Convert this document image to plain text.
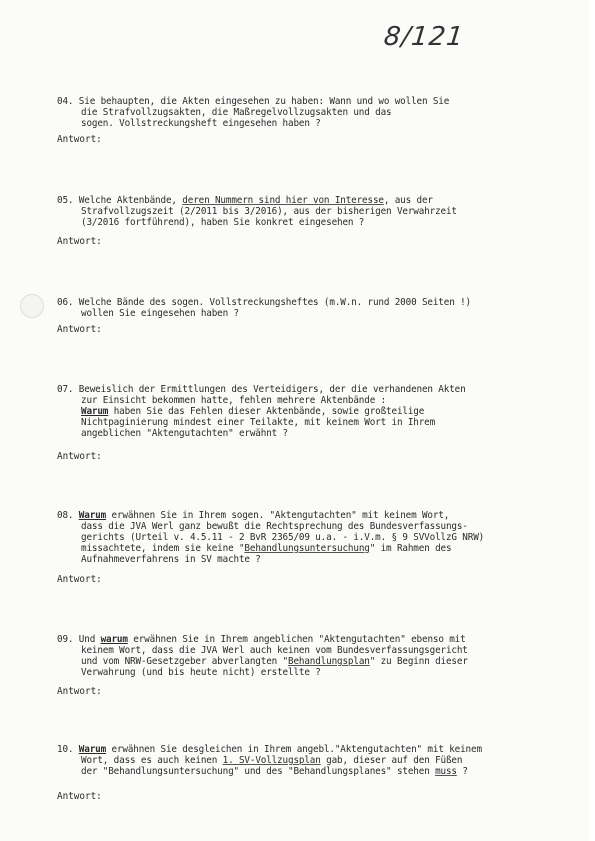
8/121
04. Sie behaupten, die Akten eingesehen zu haben: Wann und wo wollen Sie
die Strafvollzugsakten, die Maßregelvollzugsakten und das
sogen. Vollstreckungsheft eingesehen haben ?
Antwort:
05. Welche Aktenbände, deren Nummern sind hier von Interesse, aus der
Strafvollzugszeit (2/2011 bis 3/2016), aus der bisherigen Verwahrzeit
(3/2016 fortführend), haben Sie konkret eingesehen ?
Antwort:
06. Welche Bände des sogen. Vollstreckungsheftes (m.W.n. rund 2000 Seiten !)
wollen Sie eingesehen haben ?
Antwort:
07. Beweislich der Ermittlungen des Verteidigers, der die verhandenen Akten
zur Einsicht bekommen hatte, fehlen mehrere Aktenbände :
Warum haben Sie das Fehlen dieser Aktenbände, sowie großteilige
Nichtpaginierung mindest einer Teilakte, mit keinem Wort in Ihrem
angeblichen "Aktengutachten" erwähnt ?
Antwort:
08. Warum erwähnen Sie in Ihrem sogen. "Aktengutachten" mit keinem Wort,
dass die JVA Werl ganz bewußt die Rechtsprechung des Bundesverfassungs-
gerichts (Urteil v. 4.5.11 - 2 BvR 2365/09 u.a. - i.V.m. § 9 SVVollzG NRW)
missachtete, indem sie keine "Behandlungsuntersuchung" im Rahmen des
Aufnahmeverfahrens in SV machte ?
Antwort:
09. Und warum erwähnen Sie in Ihrem angeblichen "Aktengutachten" ebenso mit
keinem Wort, dass die JVA Werl auch keinen vom Bundesverfassungsgericht
und vom NRW-Gesetzgeber abverlangten "Behandlungsplan" zu Beginn dieser
Verwahrung (und bis heute nicht) erstellte ?
Antwort:
10. Warum erwähnen Sie desgleichen in Ihrem angebl."Aktengutachten" mit keinem
Wort, dass es auch keinen 1. SV-Vollzugsplan gab, dieser auf den Füßen
der "Behandlungsuntersuchung" und des "Behandlungsplanes" stehen muss ?
Antwort:
